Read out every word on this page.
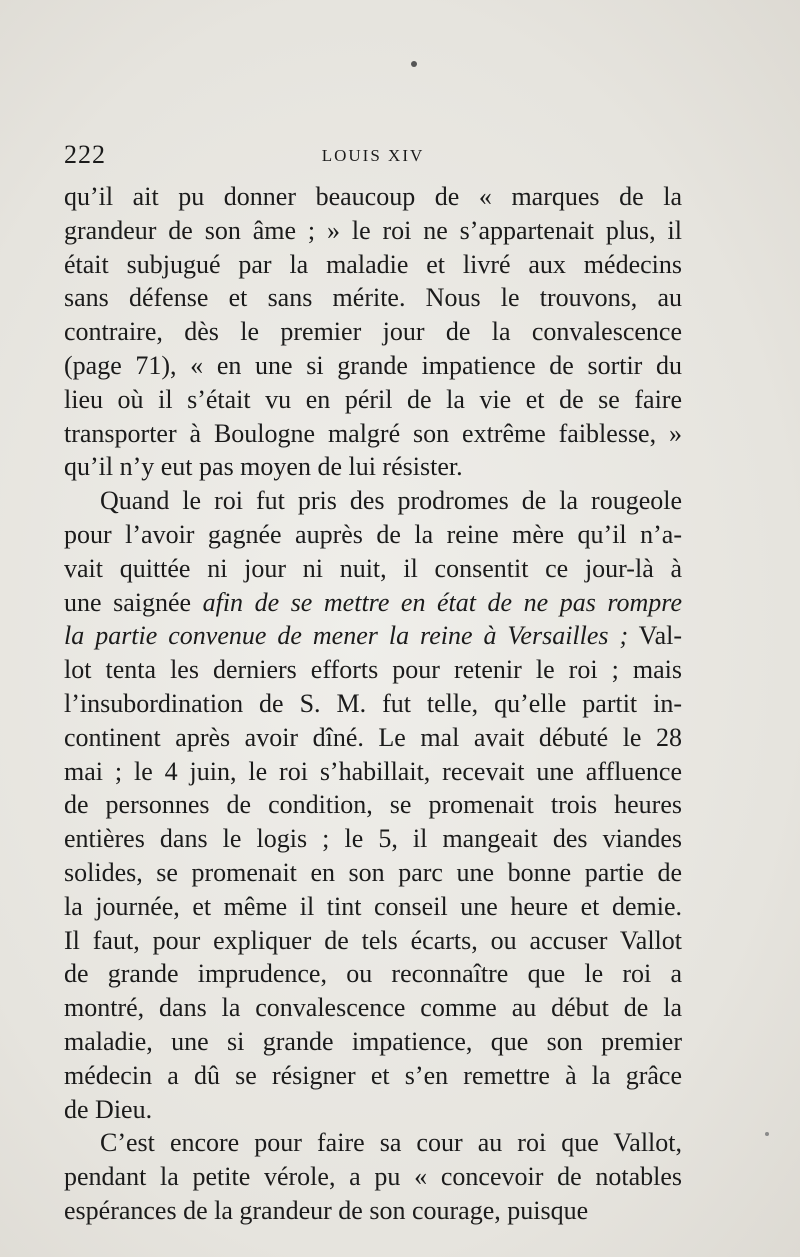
222	LOUIS XIV
qu’il ait pu donner beaucoup de « marques de la
grandeur de son âme ; » le roi ne s’appartenait plus, il
était subjugué par la maladie et livré aux médecins
sans défense et sans mérite. Nous le trouvons, au
contraire, dès le premier jour de la convalescence
(page 71), « en une si grande impatience de sortir du
lieu où il s’était vu en péril de la vie et de se faire
transporter à Boulogne malgré son extrême faiblesse, »
qu’il n’y eut pas moyen de lui résister.
Quand le roi fut pris des prodromes de la rougeole
pour l’avoir gagnée auprès de la reine mère qu’il n’a-
vait quittée ni jour ni nuit, il consentit ce jour-là à
une saignée afin de se mettre en état de ne pas rompre
la partie convenue de mener la reine à Versailles ; Val-
lot tenta les derniers efforts pour retenir le roi ; mais
l’insubordination de S. M. fut telle, qu’elle partit in-
continent après avoir dîné. Le mal avait débuté le 28
mai ; le 4 juin, le roi s’habillait, recevait une affluence
de personnes de condition, se promenait trois heures
entières dans le logis ; le 5, il mangeait des viandes
solides, se promenait en son parc une bonne partie de
la journée, et même il tint conseil une heure et demie.
Il faut, pour expliquer de tels écarts, ou accuser Vallot
de grande imprudence, ou reconnaître que le roi a
montré, dans la convalescence comme au début de la
maladie, une si grande impatience, que son premier
médecin a dû se résigner et s’en remettre à la grâce
de Dieu.
C’est encore pour faire sa cour au roi que Vallot,
pendant la petite vérole, a pu « concevoir de notables
espérances de la grandeur de son courage, puisque
